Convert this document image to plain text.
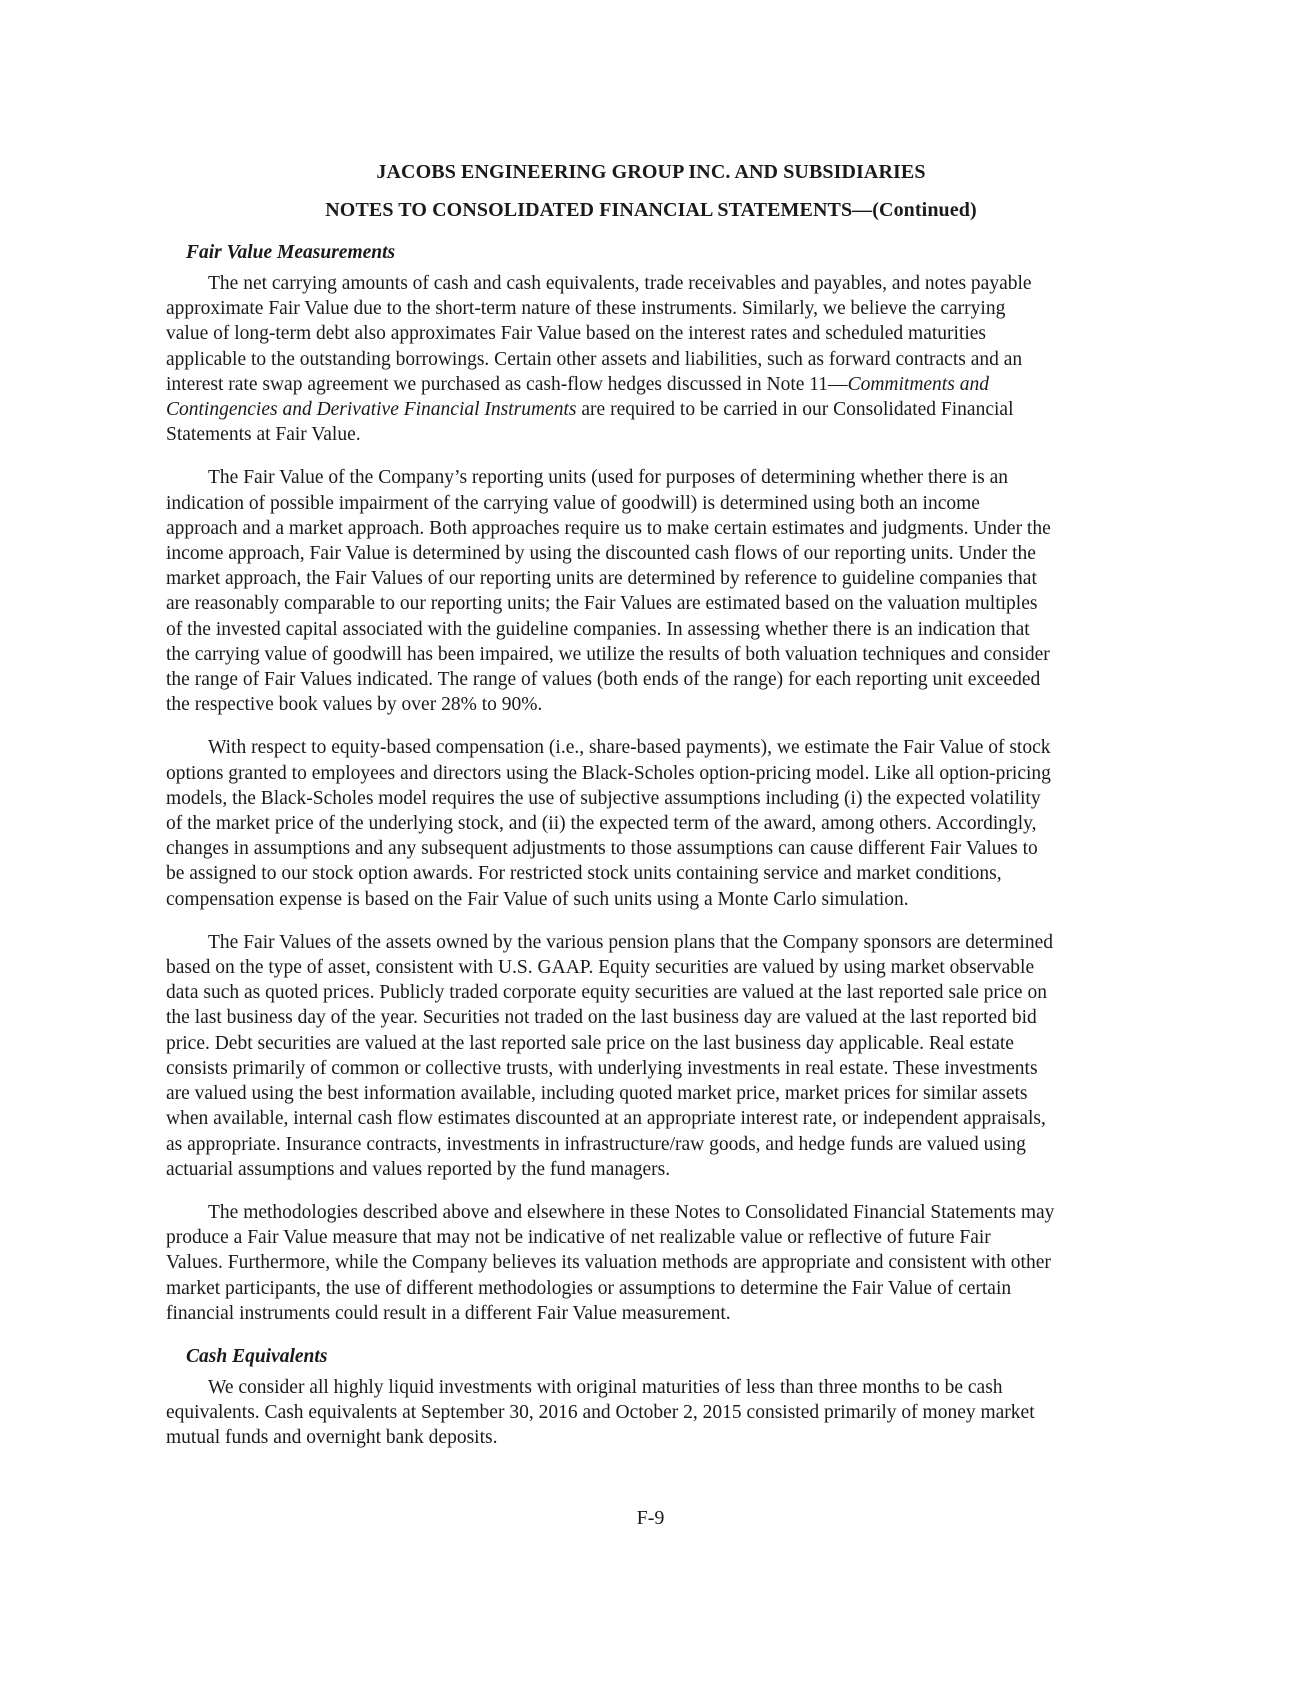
JACOBS ENGINEERING GROUP INC. AND SUBSIDIARIES

NOTES TO CONSOLIDATED FINANCIAL STATEMENTS—(Continued)

Fair Value Measurements

The net carrying amounts of cash and cash equivalents, trade receivables and payables, and notes payable
approximate Fair Value due to the short-term nature of these instruments. Similarly, we believe the carrying
value of long-term debt also approximates Fair Value based on the interest rates and scheduled maturities
applicable to the outstanding borrowings. Certain other assets and liabilities, such as forward contracts and an
interest rate swap agreement we purchased as cash-flow hedges discussed in Note 11—Commitments and
Contingencies and Derivative Financial Instruments are required to be carried in our Consolidated Financial
Statements at Fair Value.
The Fair Value of the Company’s reporting units (used for purposes of determining whether there is an
indication of possible impairment of the carrying value of goodwill) is determined using both an income
approach and a market approach. Both approaches require us to make certain estimates and judgments. Under the
income approach, Fair Value is determined by using the discounted cash flows of our reporting units. Under the
market approach, the Fair Values of our reporting units are determined by reference to guideline companies that
are reasonably comparable to our reporting units; the Fair Values are estimated based on the valuation multiples
of the invested capital associated with the guideline companies. In assessing whether there is an indication that
the carrying value of goodwill has been impaired, we utilize the results of both valuation techniques and consider
the range of Fair Values indicated. The range of values (both ends of the range) for each reporting unit exceeded
the respective book values by over 28% to 90%.
With respect to equity-based compensation (i.e., share-based payments), we estimate the Fair Value of stock
options granted to employees and directors using the Black-Scholes option-pricing model. Like all option-pricing
models, the Black-Scholes model requires the use of subjective assumptions including (i) the expected volatility
of the market price of the underlying stock, and (ii) the expected term of the award, among others. Accordingly,
changes in assumptions and any subsequent adjustments to those assumptions can cause different Fair Values to
be assigned to our stock option awards. For restricted stock units containing service and market conditions,
compensation expense is based on the Fair Value of such units using a Monte Carlo simulation.
The Fair Values of the assets owned by the various pension plans that the Company sponsors are determined
based on the type of asset, consistent with U.S. GAAP. Equity securities are valued by using market observable
data such as quoted prices. Publicly traded corporate equity securities are valued at the last reported sale price on
the last business day of the year. Securities not traded on the last business day are valued at the last reported bid
price. Debt securities are valued at the last reported sale price on the last business day applicable. Real estate
consists primarily of common or collective trusts, with underlying investments in real estate. These investments
are valued using the best information available, including quoted market price, market prices for similar assets
when available, internal cash flow estimates discounted at an appropriate interest rate, or independent appraisals,
as appropriate. Insurance contracts, investments in infrastructure/raw goods, and hedge funds are valued using
actuarial assumptions and values reported by the fund managers.
The methodologies described above and elsewhere in these Notes to Consolidated Financial Statements may
produce a Fair Value measure that may not be indicative of net realizable value or reflective of future Fair
Values. Furthermore, while the Company believes its valuation methods are appropriate and consistent with other
market participants, the use of different methodologies or assumptions to determine the Fair Value of certain
financial instruments could result in a different Fair Value measurement.

Cash Equivalents

We consider all highly liquid investments with original maturities of less than three months to be cash
equivalents. Cash equivalents at September 30, 2016 and October 2, 2015 consisted primarily of money market
mutual funds and overnight bank deposits.
F-9
